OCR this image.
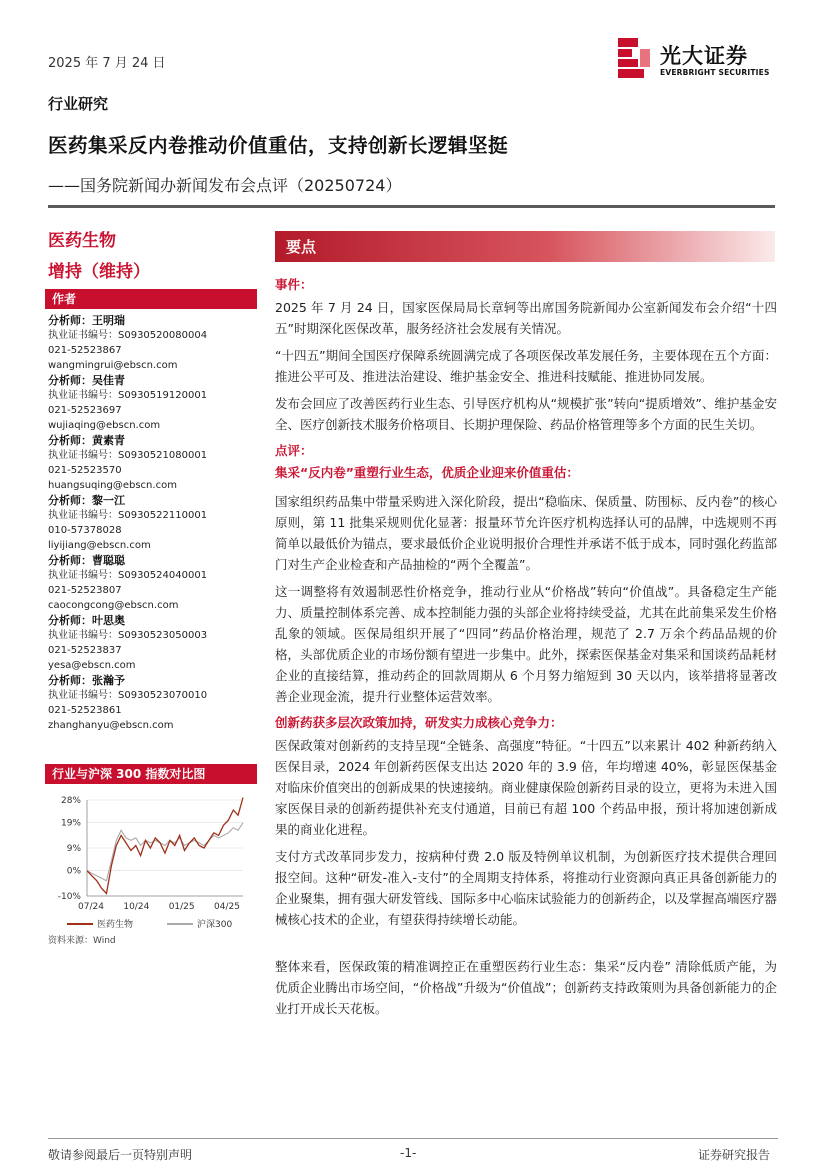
2025 年 7 月 24 日	光大证券
EVERBRIGHT SECURITIES
行业研究
医药集采反内卷推动价值重估，支持创新长逻辑坚挺
——国务院新闻办新闻发布会点评（20250724）
医药生物
增持（维持）
作者
分析师：王明瑞
执业证书编号：S0930520080004
021-52523867
wangmingrui@ebscn.com
分析师：吴佳青
执业证书编号：S0930519120001
021-52523697
wujiaqing@ebscn.com
分析师：黄素青
执业证书编号：S0930521080001
021-52523570
huangsuqing@ebscn.com
分析师：黎一江
执业证书编号：S0930522110001
010-57378028
liyijiang@ebscn.com
分析师：曹聪聪
执业证书编号：S0930524040001
021-52523807
caocongcong@ebscn.com
分析师：叶思奥
执业证书编号：S0930523050003
021-52523837
yesa@ebscn.com
分析师：张瀚予
执业证书编号：S0930523070010
021-52523861
zhanghanyu@ebscn.com
行业与沪深 300 指数对比图
28%
19%
9%
0%
-10%
07/24 10/24 01/25 04/25
医药生物	沪深300
资料来源：Wind
要点
事件：
2025 年 7 月 24 日，国家医保局局长章轲等出席国务院新闻办公室新闻发布会介绍“十四五”时期深化医保改革，服务经济社会发展有关情况。
“十四五”期间全国医疗保障系统圆满完成了各项医保改革发展任务，主要体现在五个方面：推进公平可及、推进法治建设、维护基金安全、推进科技赋能、推进协同发展。
发布会回应了改善医药行业生态、引导医疗机构从“规模扩张”转向“提质增效”、维护基金安全、医疗创新技术服务价格项目、长期护理保险、药品价格管理等多个方面的民生关切。
点评：
集采“反内卷”重塑行业生态，优质企业迎来价值重估：
国家组织药品集中带量采购进入深化阶段，提出“稳临床、保质量、防围标、反内卷”的核心原则，第 11 批集采规则优化显著：报量环节允许医疗机构选择认可的品牌，中选规则不再简单以最低价为锚点，要求最低价企业说明报价合理性并承诺不低于成本，同时强化药监部门对生产企业检查和产品抽检的“两个全覆盖”。
这一调整将有效遏制恶性价格竞争，推动行业从“价格战”转向“价值战”。具备稳定生产能力、质量控制体系完善、成本控制能力强的头部企业将持续受益，尤其在此前集采发生价格乱象的领域。医保局组织开展了“四同”药品价格治理，规范了 2.7 万余个药品品规的价格，头部优质企业的市场份额有望进一步集中。此外，探索医保基金对集采和国谈药品耗材企业的直接结算，推动药企的回款周期从 6 个月努力缩短到 30 天以内，该举措将显著改善企业现金流，提升行业整体运营效率。
创新药获多层次政策加持，研发实力成核心竞争力：
医保政策对创新药的支持呈现“全链条、高强度”特征。“十四五”以来累计 402 种新药纳入医保目录，2024 年创新药医保支出达 2020 年的 3.9 倍，年均增速 40%，彰显医保基金对临床价值突出的创新成果的快速接纳。商业健康保险创新药目录的设立，更将为未进入国家医保目录的创新药提供补充支付通道，目前已有超 100 个药品申报，预计将加速创新成果的商业化进程。
支付方式改革同步发力，按病种付费 2.0 版及特例单议机制，为创新医疗技术提供合理回报空间。这种“研发-准入-支付”的全周期支持体系，将推动行业资源向真正具备创新能力的企业聚集，拥有强大研发管线、国际多中心临床试验能力的创新药企，以及掌握高端医疗器械核心技术的企业，有望获得持续增长动能。
整体来看，医保政策的精准调控正在重塑医药行业生态：集采“反内卷” 清除低质产能，为优质企业腾出市场空间，“价格战”升级为“价值战”；创新药支持政策则为具备创新能力的企业打开成长天花板。
敬请参阅最后一页特别声明	-1-	证券研究报告
